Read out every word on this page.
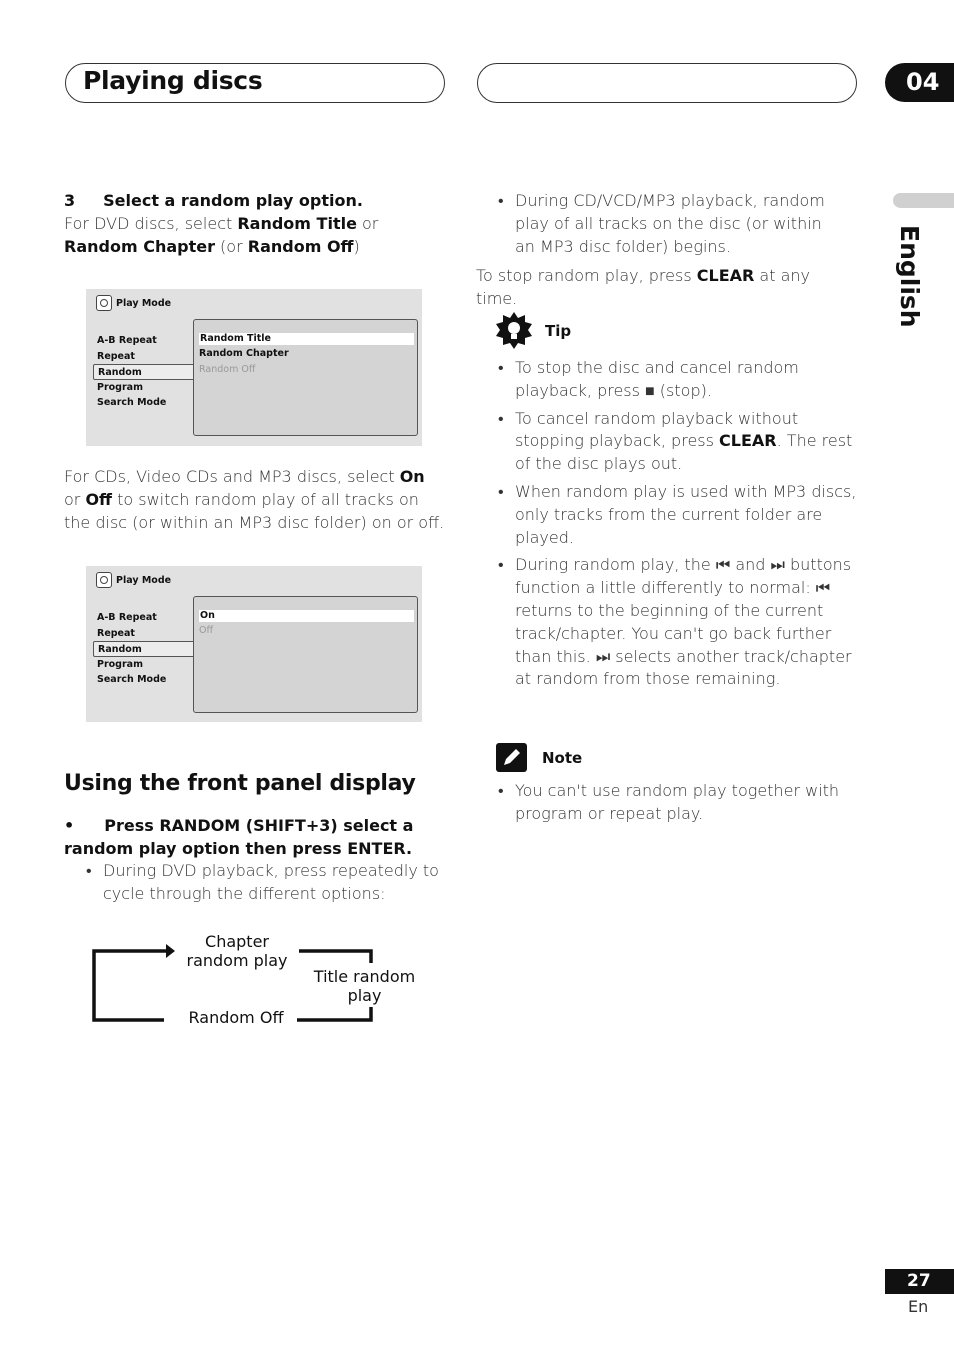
Playing discs	04
English
3 Select a random play option.
For DVD discs, select Random Title or
Random Chapter (or Random Off)
Play Mode
A-B Repeat
Repeat
Random
Program
Search Mode
Random Title
Random Chapter
Random Off
For CDs, Video CDs and MP3 discs, select On
or Off to switch random play of all tracks on the disc (or within an MP3 disc folder) on or off.
Play Mode
A-B Repeat
Repeat
Random
Program
Search Mode
On
Off
Using the front panel display
• Press RANDOM (SHIFT+3) select a random play option then press ENTER.
• During DVD playback, press repeatedly to cycle through the different options:
Chapter random play
Title random play
Random Off
• During CD/VCD/MP3 playback, random play of all tracks on the disc (or within an MP3 disc folder) begins.
To stop random play, press CLEAR at any time.
Tip
• To stop the disc and cancel random playback, press ■ (stop).
• To cancel random playback without stopping playback, press CLEAR. The rest of the disc plays out.
• When random play is used with MP3 discs, only tracks from the current folder are played.
• During random play, the ⏮ and ⏭ buttons function a little differently to normal: ⏮ returns to the beginning of the current track/chapter. You can't go back further than this. ⏭ selects another track/chapter at random from those remaining.
Note
• You can't use random play together with program or repeat play.
27
En
